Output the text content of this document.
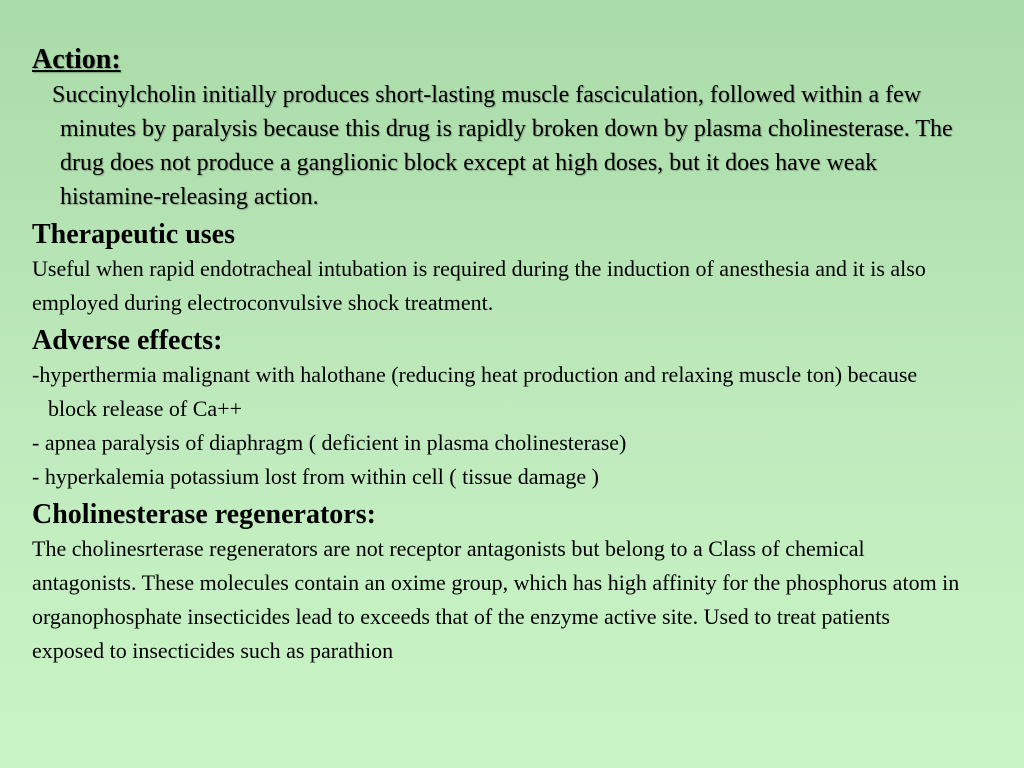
Action:

Succinylcholin initially produces short-lasting muscle fasciculation, followed within a few minutes by paralysis because this drug is rapidly broken down by plasma cholinesterase. The drug does not produce a ganglionic block except at high doses, but it does have weak histamine-releasing action.

Therapeutic uses

Useful when rapid endotracheal intubation is required during the induction of anesthesia and it is also employed during electroconvulsive shock treatment.

Adverse effects:

-hyperthermia malignant with halothane (reducing heat production and relaxing muscle ton) because block release of Ca++

- apnea paralysis of diaphragm ( deficient in plasma cholinesterase)

- hyperkalemia potassium lost from within cell ( tissue damage )

Cholinesterase regenerators:

The cholinesrterase regenerators are not receptor antagonists but belong to a Class of chemical antagonists. These molecules contain an oxime group, which has high affinity for the phosphorus atom in organophosphate insecticides lead to exceeds that of the enzyme active site. Used to treat patients exposed to insecticides such as parathion
